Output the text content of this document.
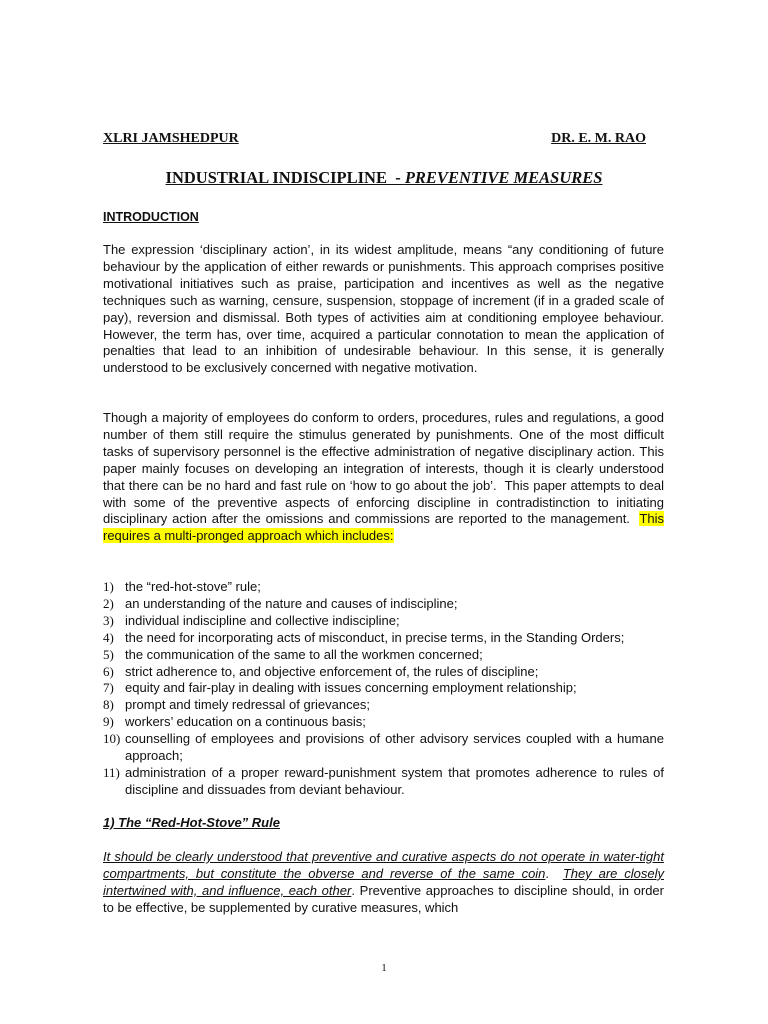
XLRI JAMSHEDPUR	DR. E. M. RAO
INDUSTRIAL INDISCIPLINE  - PREVENTIVE MEASURES
INTRODUCTION

The expression ‘disciplinary action’, in its widest amplitude, means “any conditioning of future behaviour by the application of either rewards or punishments. This approach comprises positive motivational initiatives such as praise, participation and incentives as well as the negative techniques such as warning, censure, suspension, stoppage of increment (if in a graded scale of pay), reversion and dismissal. Both types of activities aim at conditioning employee behaviour. However, the term has, over time, acquired a particular connotation to mean the application of penalties that lead to an inhibition of undesirable behaviour. In this sense, it is generally understood to be exclusively concerned with negative motivation.

Though a majority of employees do conform to orders, procedures, rules and regulations, a good number of them still require the stimulus generated by punishments. One of the most difficult tasks of supervisory personnel is the effective administration of negative disciplinary action. This paper mainly focuses on developing an integration of interests, though it is clearly understood that there can be no hard and fast rule on ‘how to go about the job’.  This paper attempts to deal with some of the preventive aspects of enforcing discipline in contradistinction to initiating disciplinary action after the omissions and commissions are reported to the management.  This requires a multi-pronged approach which includes:

1) the “red-hot-stove” rule;
2) an understanding of the nature and causes of indiscipline;
3) individual indiscipline and collective indiscipline;
4) the need for incorporating acts of misconduct, in precise terms, in the Standing Orders;
5) the communication of the same to all the workmen concerned;
6) strict adherence to, and objective enforcement of, the rules of discipline;
7) equity and fair-play in dealing with issues concerning employment relationship;
8) prompt and timely redressal of grievances;
9) workers’ education on a continuous basis;
10) counselling of employees and provisions of other advisory services coupled with a humane approach;
11) administration of a proper reward-punishment system that promotes adherence to rules of discipline and dissuades from deviant behaviour.
1) The “Red-Hot-Stove” Rule

It should be clearly understood that preventive and curative aspects do not operate in water-tight compartments, but constitute the obverse and reverse of the same coin.  They are closely intertwined with, and influence, each other. Preventive approaches to discipline should, in order to be effective, be supplemented by curative measures, which

1
